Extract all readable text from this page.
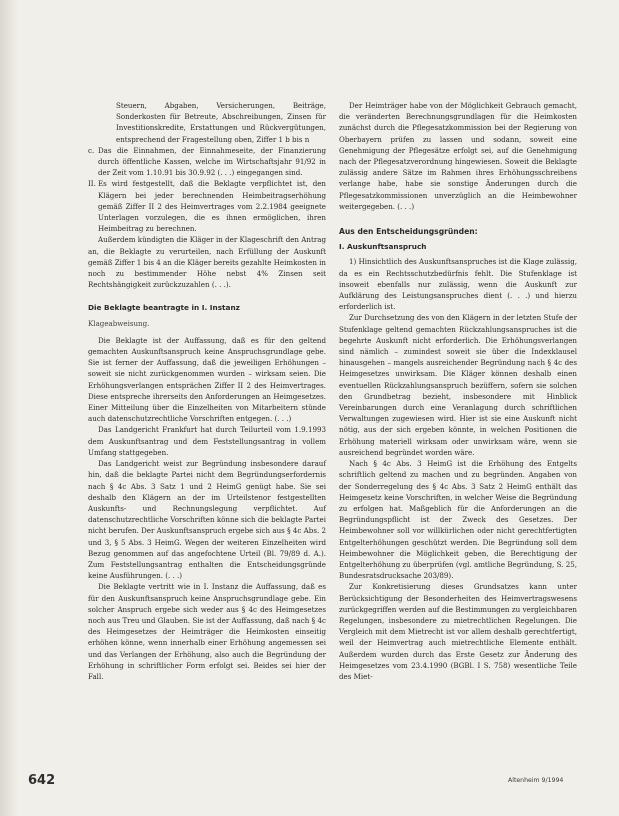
Steuern, Abgaben, Versicherungen, Beiträge, Sonderkosten für Betreute, Abschreibungen, Zinsen für Investitionskredite, Erstattungen und Rückvergütungen, entsprechend der Fragestellung oben, Ziffer 1 b bis n

c. Das die Einnahmen, der Einnahmeseite, der Finanzierung durch öffentliche Kassen, welche im Wirtschaftsjahr 91/92 in der Zeit vom 1.10.91 bis 30.9.92 (. . .) eingegangen sind.
II. Es wird festgestellt, daß die Beklagte verpflichtet ist, den Klägern bei jeder berechnenden Heimbeitragserhöhung gemäß Ziffer II 2 des Heimvertrages vom 2.2.1984 geeignete Unterlagen vorzulegen, die es ihnen ermöglichen, ihren Heimbeitrag zu berechnen.

Außerdem kündigten die Kläger in der Klageschrift den Antrag an, die Beklagte zu verurteilen, nach Erfüllung der Auskunft gemäß Ziffer 1 bis 4 an die Kläger bereits gezahlte Heimkosten in noch zu bestimmender Höhe nebst 4% Zinsen seit Rechtshängigkeit zurückzuzahlen (. . .).

Die Beklagte beantragte in I. Instanz
Klageabweisung.

Die Beklagte ist der Auffassung, daß es für den geltend gemachten Auskunftsanspruch keine Anspruchsgrundlage gebe. Sie ist ferner der Auffassung, daß die jeweiligen Erhöhungen – soweit sie nicht zurückgenommen wurden – wirksam seien. Die Erhöhungsverlangen entsprächen Ziffer II 2 des Heimvertrages. Diese entspreche ihrerseits den Anforderungen an Heimgesetzes. Einer Mitteilung über die Einzelheiten von Mitarbeitern stünde auch datenschutzrechtliche Vorschriften entgegen. (. . .)

Das Landgericht Frankfurt hat durch Teilurteil vom 1.9.1993 dem Auskunftsantrag und dem Feststellungsantrag in vollem Umfang stattgegeben.

Das Landgericht weist zur Begründung insbesondere darauf hin, daß die beklagte Partei nicht dem Begründungserfordernis nach § 4c Abs. 3 Satz 1 und 2 HeimG genügt habe. Sie sei deshalb den Klägern an der im Urteilstenor festgestellten Auskunfts- und Rechnungslegung verpflichtet. Auf datenschutzrechtliche Vorschriften könne sich die beklagte Partei nicht berufen. Der Auskunftsanspruch ergebe sich aus § 4c Abs. 2 und 3, § 5 Abs. 3 HeimG. Wegen der weiteren Einzelheiten wird Bezug genommen auf das angefochtene Urteil (Bl. 79/89 d. A.). Zum Feststellungsantrag enthalten die Entscheidungsgründe keine Ausführungen. (. . .)

Die Beklagte vertritt wie in I. Instanz die Auffassung, daß es für den Auskunftsanspruch keine Anspruchsgrundlage gebe. Ein solcher Anspruch ergebe sich weder aus § 4c des Heimgesetzes noch aus Treu und Glauben. Sie ist der Auffassung, daß nach § 4c des Heimgesetzes der Heimträger die Heimkosten einseitig erhöhen könne, wenn innerhalb einer Erhöhung angemessen sei und das Verlangen der Erhöhung, also auch die Begründung der Erhöhung in schriftlicher Form erfolgt sei. Beides sei hier der Fall.

Der Heimträger habe von der Möglichkeit Gebrauch gemacht, die veränderten Berechnungsgrundlagen für die Heimkosten zunächst durch die Pflegesatzkommission bei der Regierung von Oberbayern prüfen zu lassen und sodann, soweit eine Genehmigung der Pflegesätze erfolgt sei, auf die Genehmigung nach der Pflegesatzverordnung hingewiesen. Soweit die Beklagte zulässig andere Sätze im Rahmen ihres Erhöhungsschreibens verlange habe, habe sie sonstige Änderungen durch die Pflegesatzkommissionen unverzüglich an die Heimbewohner weitergegeben. (. . .)

Aus den Entscheidungsgründen:
I. Auskunftsanspruch

1) Hinsichtlich des Auskunftsanspruches ist die Klage zulässig, da es ein Rechtsschutzbedürfnis fehlt. Die Stufenklage ist insoweit ebenfalls nur zulässig, wenn die Auskunft zur Aufklärung des Leistungsanspruches dient (. . .) und hierzu erforderlich ist.

Zur Durchsetzung des von den Klägern in der letzten Stufe der Stufenklage geltend gemachten Rückzahlungsanspruches ist die begehrte Auskunft nicht erforderlich. Die Erhöhungsverlangen sind nämlich – zumindest soweit sie über die Indexklausel hinausgehen – mangels ausreichender Begründung nach § 4c des Heimgesetzes unwirksam. Die Kläger können deshalb einen eventuellen Rückzahlungsanspruch bezüffern, sofern sie solchen den Grundbetrag bezieht, insbesondere mit Hinblick Vereinbarungen durch eine Veranlagung durch schriftlichen Verwaltungen zugewiesen wird. Hier ist sie eine Auskunft nicht nötig, aus der sich ergeben könnte, in welchen Positionen die Erhöhung materiell wirksam oder unwirksam wäre, wenn sie ausreichend begründet worden wäre.

Nach § 4c Abs. 3 HeimG ist die Erhöhung des Entgelts schriftlich geltend zu machen und zu begründen. Angaben von der Sonderregelung des § 4c Abs. 3 Satz 2 HeimG enthält das Heimgesetz keine Vorschriften, in welcher Weise die Begründung zu erfolgen hat. Maßgeblich für die Anforderungen an die Begründungspflicht ist der Zweck des Gesetzes. Der Heimbewohner soll vor willkürlichen oder nicht gerechtfertigten Entgelterhöhungen geschützt werden. Die Begründung soll dem Heimbewohner die Möglichkeit geben, die Berechtigung der Entgelterhöhung zu überprüfen (vgl. amtliche Begründung, S. 25, Bundesratsdrucksache 203/89).

Zur Konkretisierung dieses Grundsatzes kann unter Berücksichtigung der Besonderheiten des Heimvertragswesens zurückgegriffen werden auf die Bestimmungen zu vergleichbaren Regelungen, insbesondere zu mietrechtlichen Regelungen. Die Vergleich mit dem Mietrecht ist vor allem deshalb gerechtfertigt, weil der Heimvertrag auch mietrechtliche Elemente enthält. Außerdem wurden durch das Erste Gesetz zur Änderung des Heimgesetzes vom 23.4.1990 (BGBl. I S. 758) wesentliche Teile des Miet-

642	Altenheim 9/1994
